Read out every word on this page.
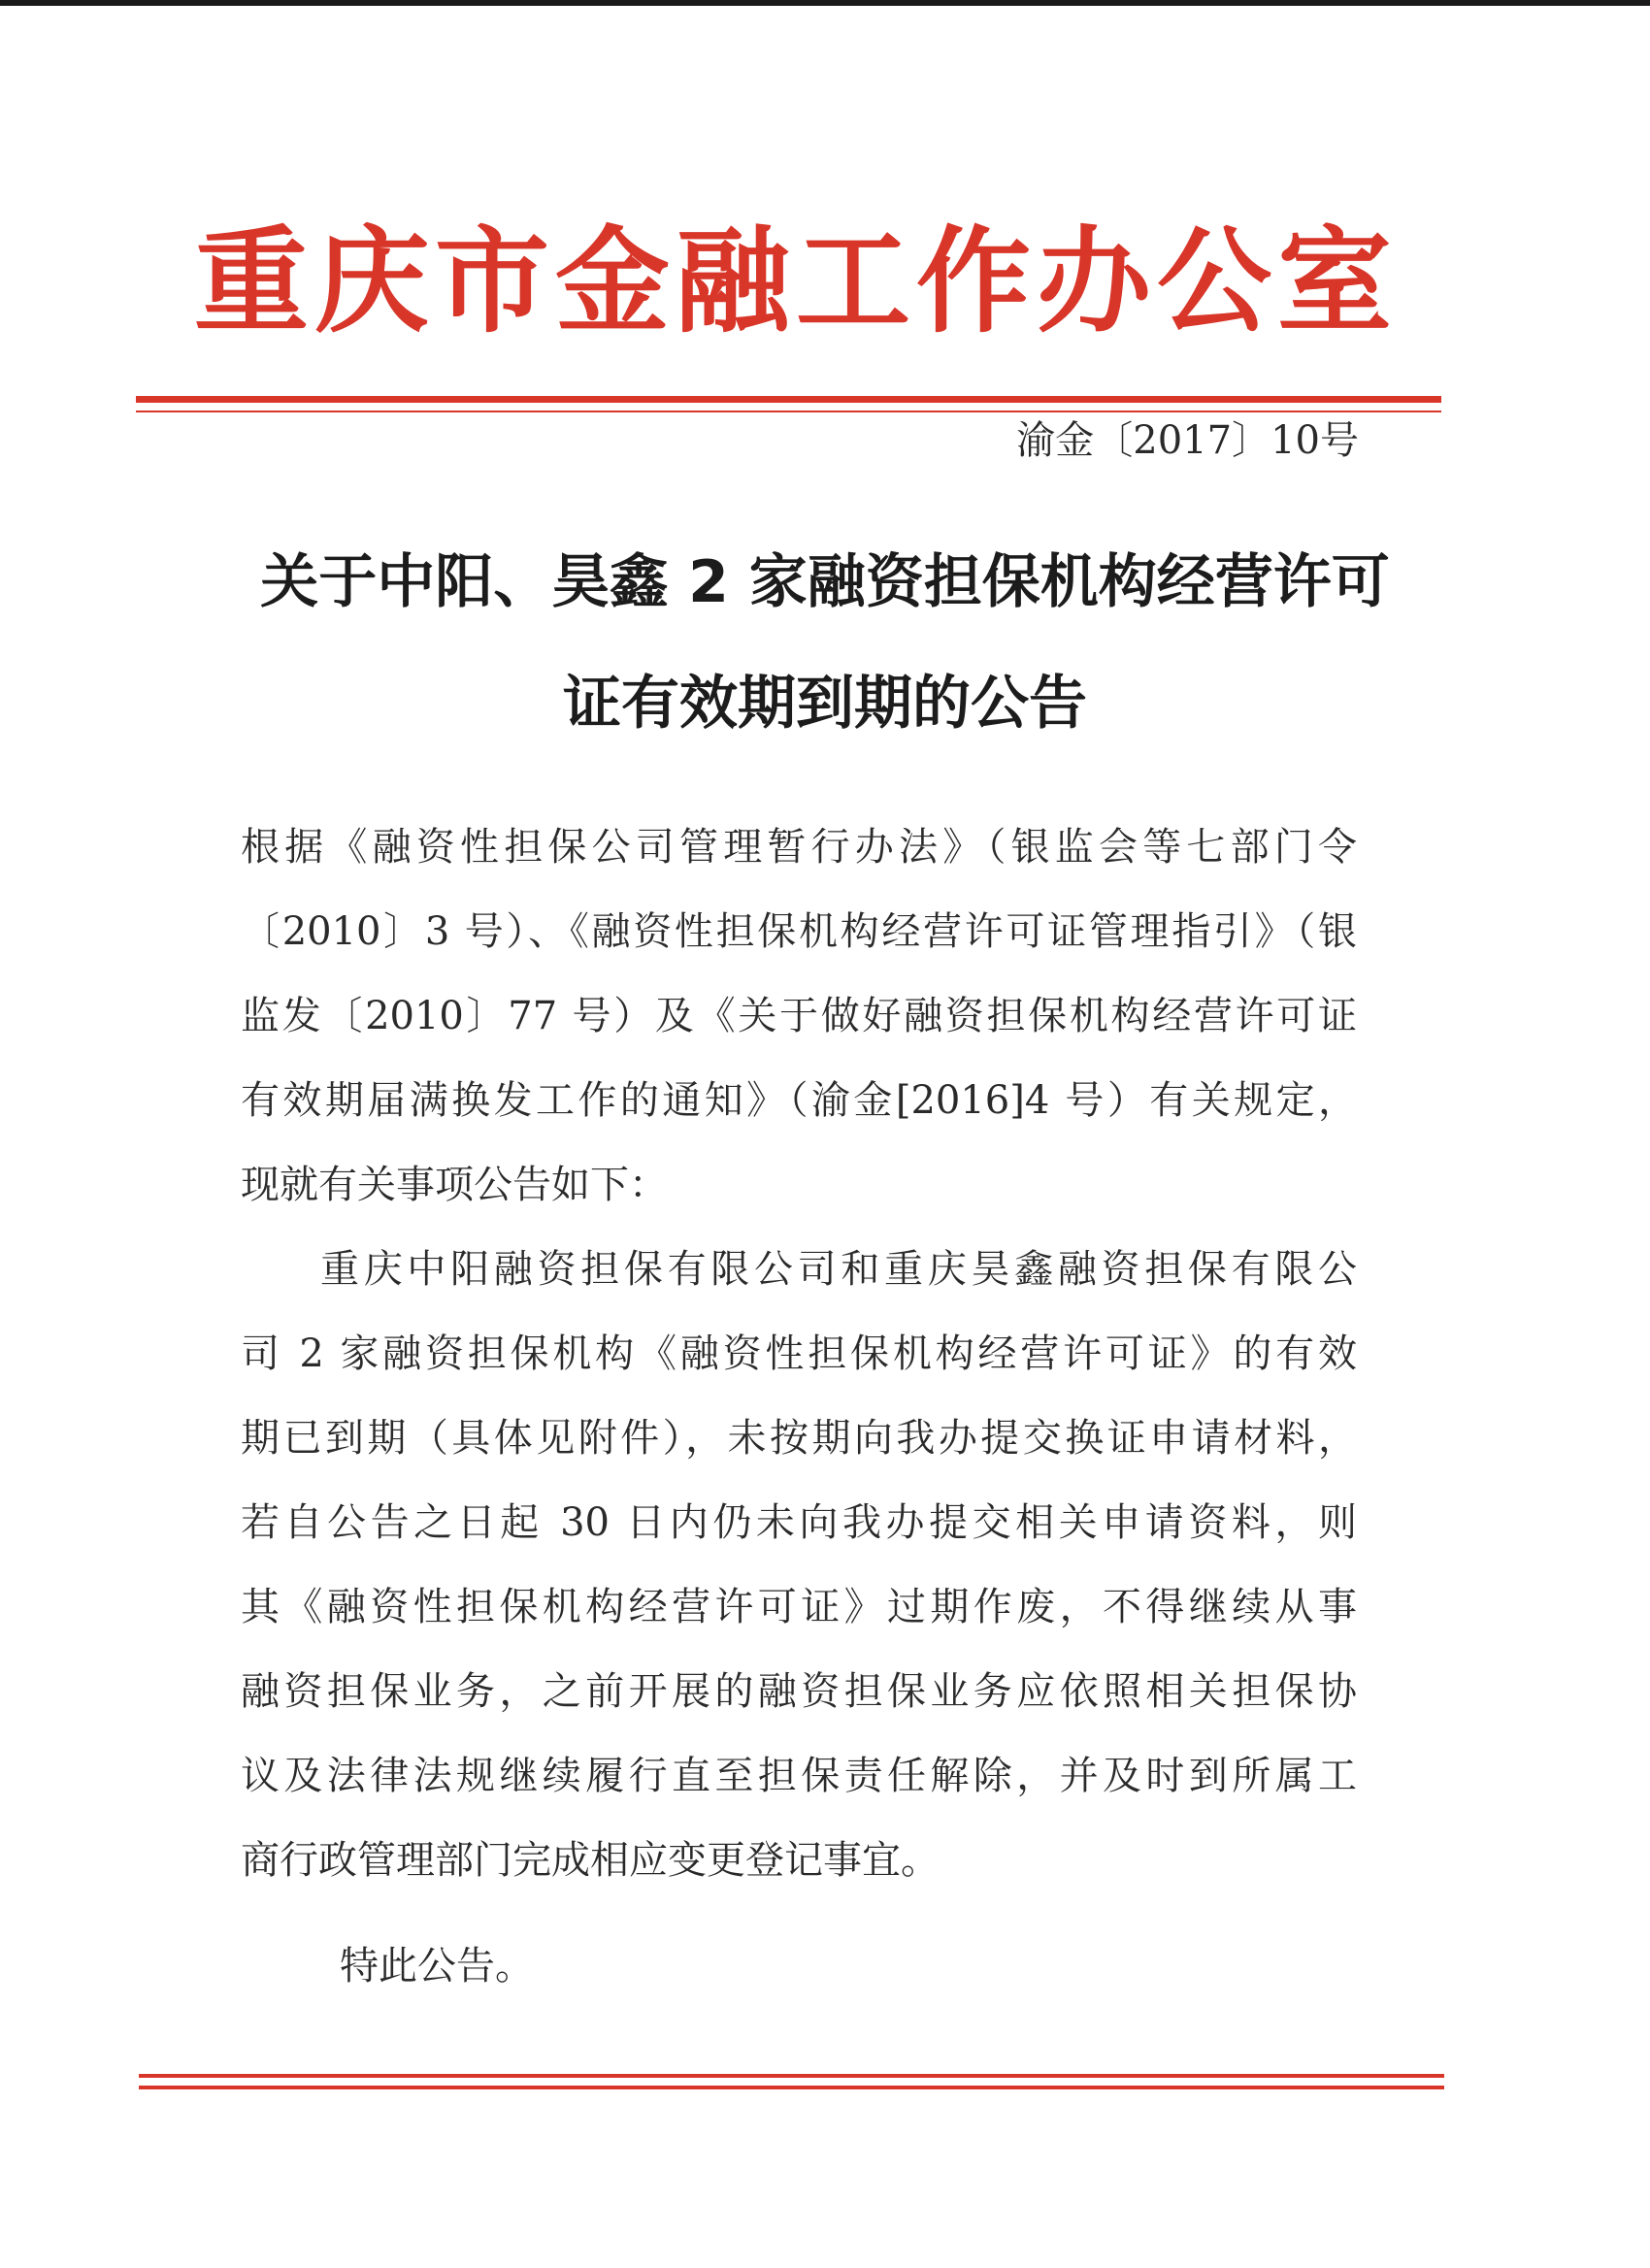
重庆市金融工作办公室
渝金〔2017〕10号
关于中阳、昊鑫 2 家融资担保机构经营许可
证有效期到期的公告
根据《融资性担保公司管理暂行办法》（银监会等七部门令
〔2010〕3 号）、《融资性担保机构经营许可证管理指引》（银
监发〔2010〕77 号）及《关于做好融资担保机构经营许可证
有效期届满换发工作的通知》（渝金[2016]4 号）有关规定，
现就有关事项公告如下：
重庆中阳融资担保有限公司和重庆昊鑫融资担保有限公
司 2 家融资担保机构《融资性担保机构经营许可证》的有效
期已到期（具体见附件），未按期向我办提交换证申请材料，
若自公告之日起 30 日内仍未向我办提交相关申请资料，则
其《融资性担保机构经营许可证》过期作废，不得继续从事
融资担保业务，之前开展的融资担保业务应依照相关担保协
议及法律法规继续履行直至担保责任解除，并及时到所属工
商行政管理部门完成相应变更登记事宜。
特此公告。
